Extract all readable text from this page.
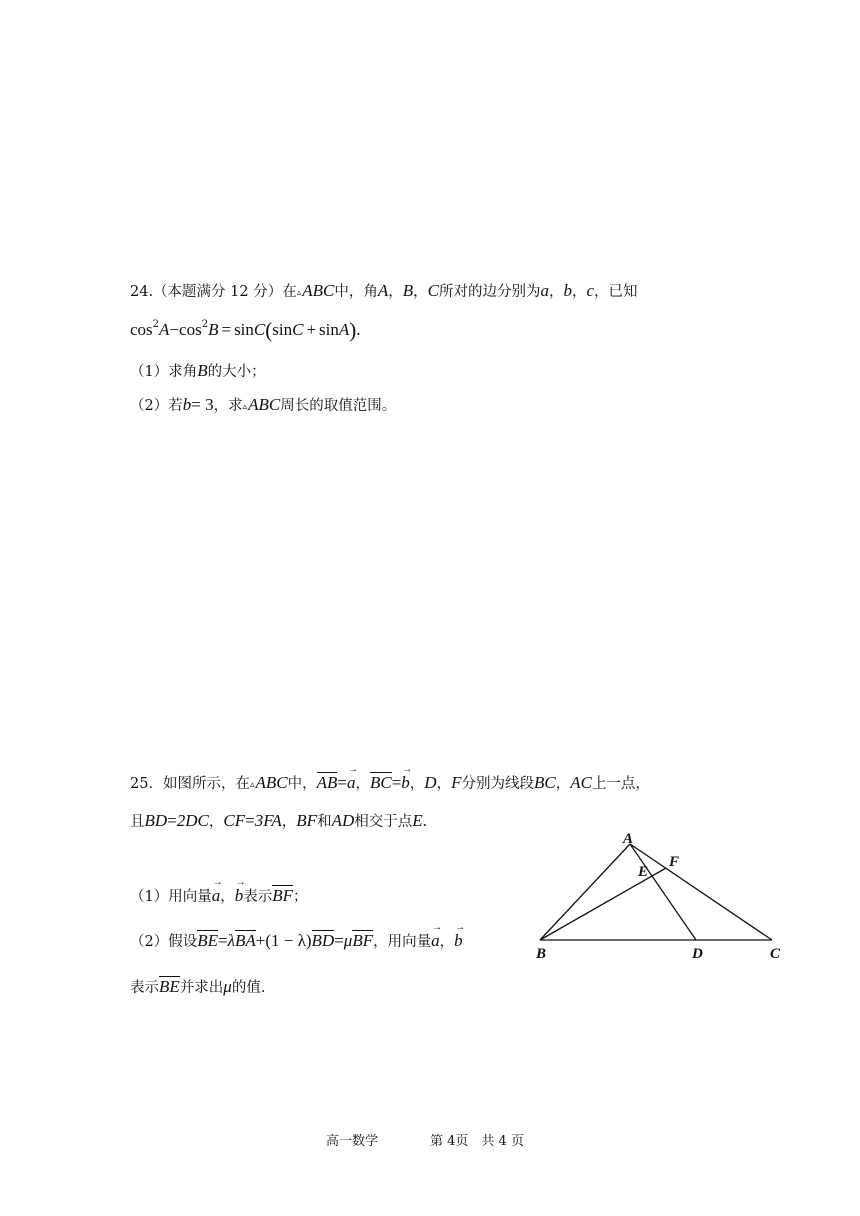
24.（本题满分 12 分）在▵ABC中，角A，B，C所对的边分别为a，b，c，已知
$\cos^2A-\cos^2B = \sin C(\sin C + \sin A)$.
（1）求角B的大小；
（2）若b= 3，求▵ABC周长的取值范围。
25．如图所示，在▵ABC中，AB=→ a，BC=→ b，D，F分别为线段BC，AC上一点，
且BD=2DC，CF=3FA，BF和AD相交于点E.
（1）用向量→ a，→ b表示BF；
（2）假设BE=λBA+(1 − λ)BD=μBF，用向量→ a，→ b
表示BE并求出μ的值.
A
B	C
D
E
F
高一数学	第 4页　共 4 页
